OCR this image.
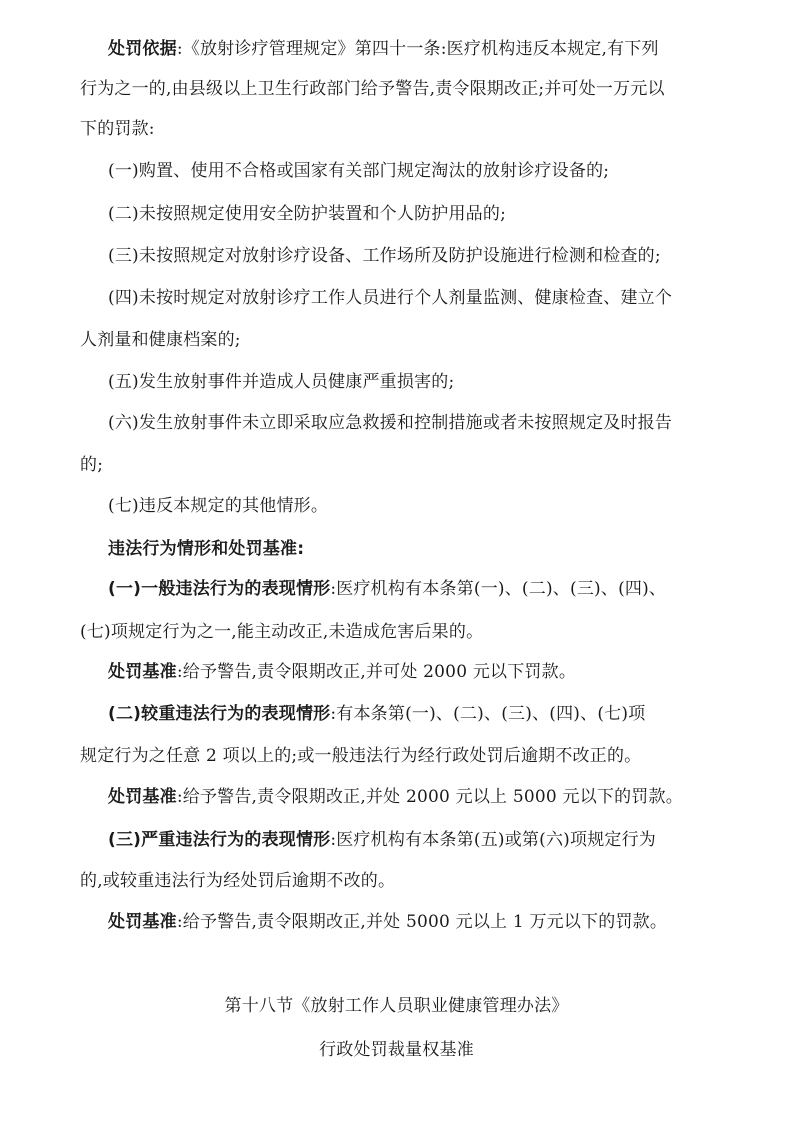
处罚依据:《放射诊疗管理规定》第四十一条:医疗机构违反本规定,有下列
行为之一的,由县级以上卫生行政部门给予警告,责令限期改正;并可处一万元以
下的罚款:
(一)购置、使用不合格或国家有关部门规定淘汰的放射诊疗设备的;
(二)未按照规定使用安全防护装置和个人防护用品的;
(三)未按照规定对放射诊疗设备、工作场所及防护设施进行检测和检查的;
(四)未按时规定对放射诊疗工作人员进行个人剂量监测、健康检查、建立个
人剂量和健康档案的;
(五)发生放射事件并造成人员健康严重损害的;
(六)发生放射事件未立即采取应急救援和控制措施或者未按照规定及时报告
的;
(七)违反本规定的其他情形。
违法行为情形和处罚基准:
(一)一般违法行为的表现情形:医疗机构有本条第(一)、(二)、(三)、(四)、
(七)项规定行为之一,能主动改正,未造成危害后果的。
处罚基准:给予警告,责令限期改正,并可处 2000 元以下罚款。
(二)较重违法行为的表现情形:有本条第(一)、(二)、(三)、(四)、(七)项
规定行为之任意 2 项以上的;或一般违法行为经行政处罚后逾期不改正的。
处罚基准:给予警告,责令限期改正,并处 2000 元以上 5000 元以下的罚款。
(三)严重违法行为的表现情形:医疗机构有本条第(五)或第(六)项规定行为
的,或较重违法行为经处罚后逾期不改的。
处罚基准:给予警告,责令限期改正,并处 5000 元以上 1 万元以下的罚款。
第十八节《放射工作人员职业健康管理办法》
行政处罚裁量权基准
